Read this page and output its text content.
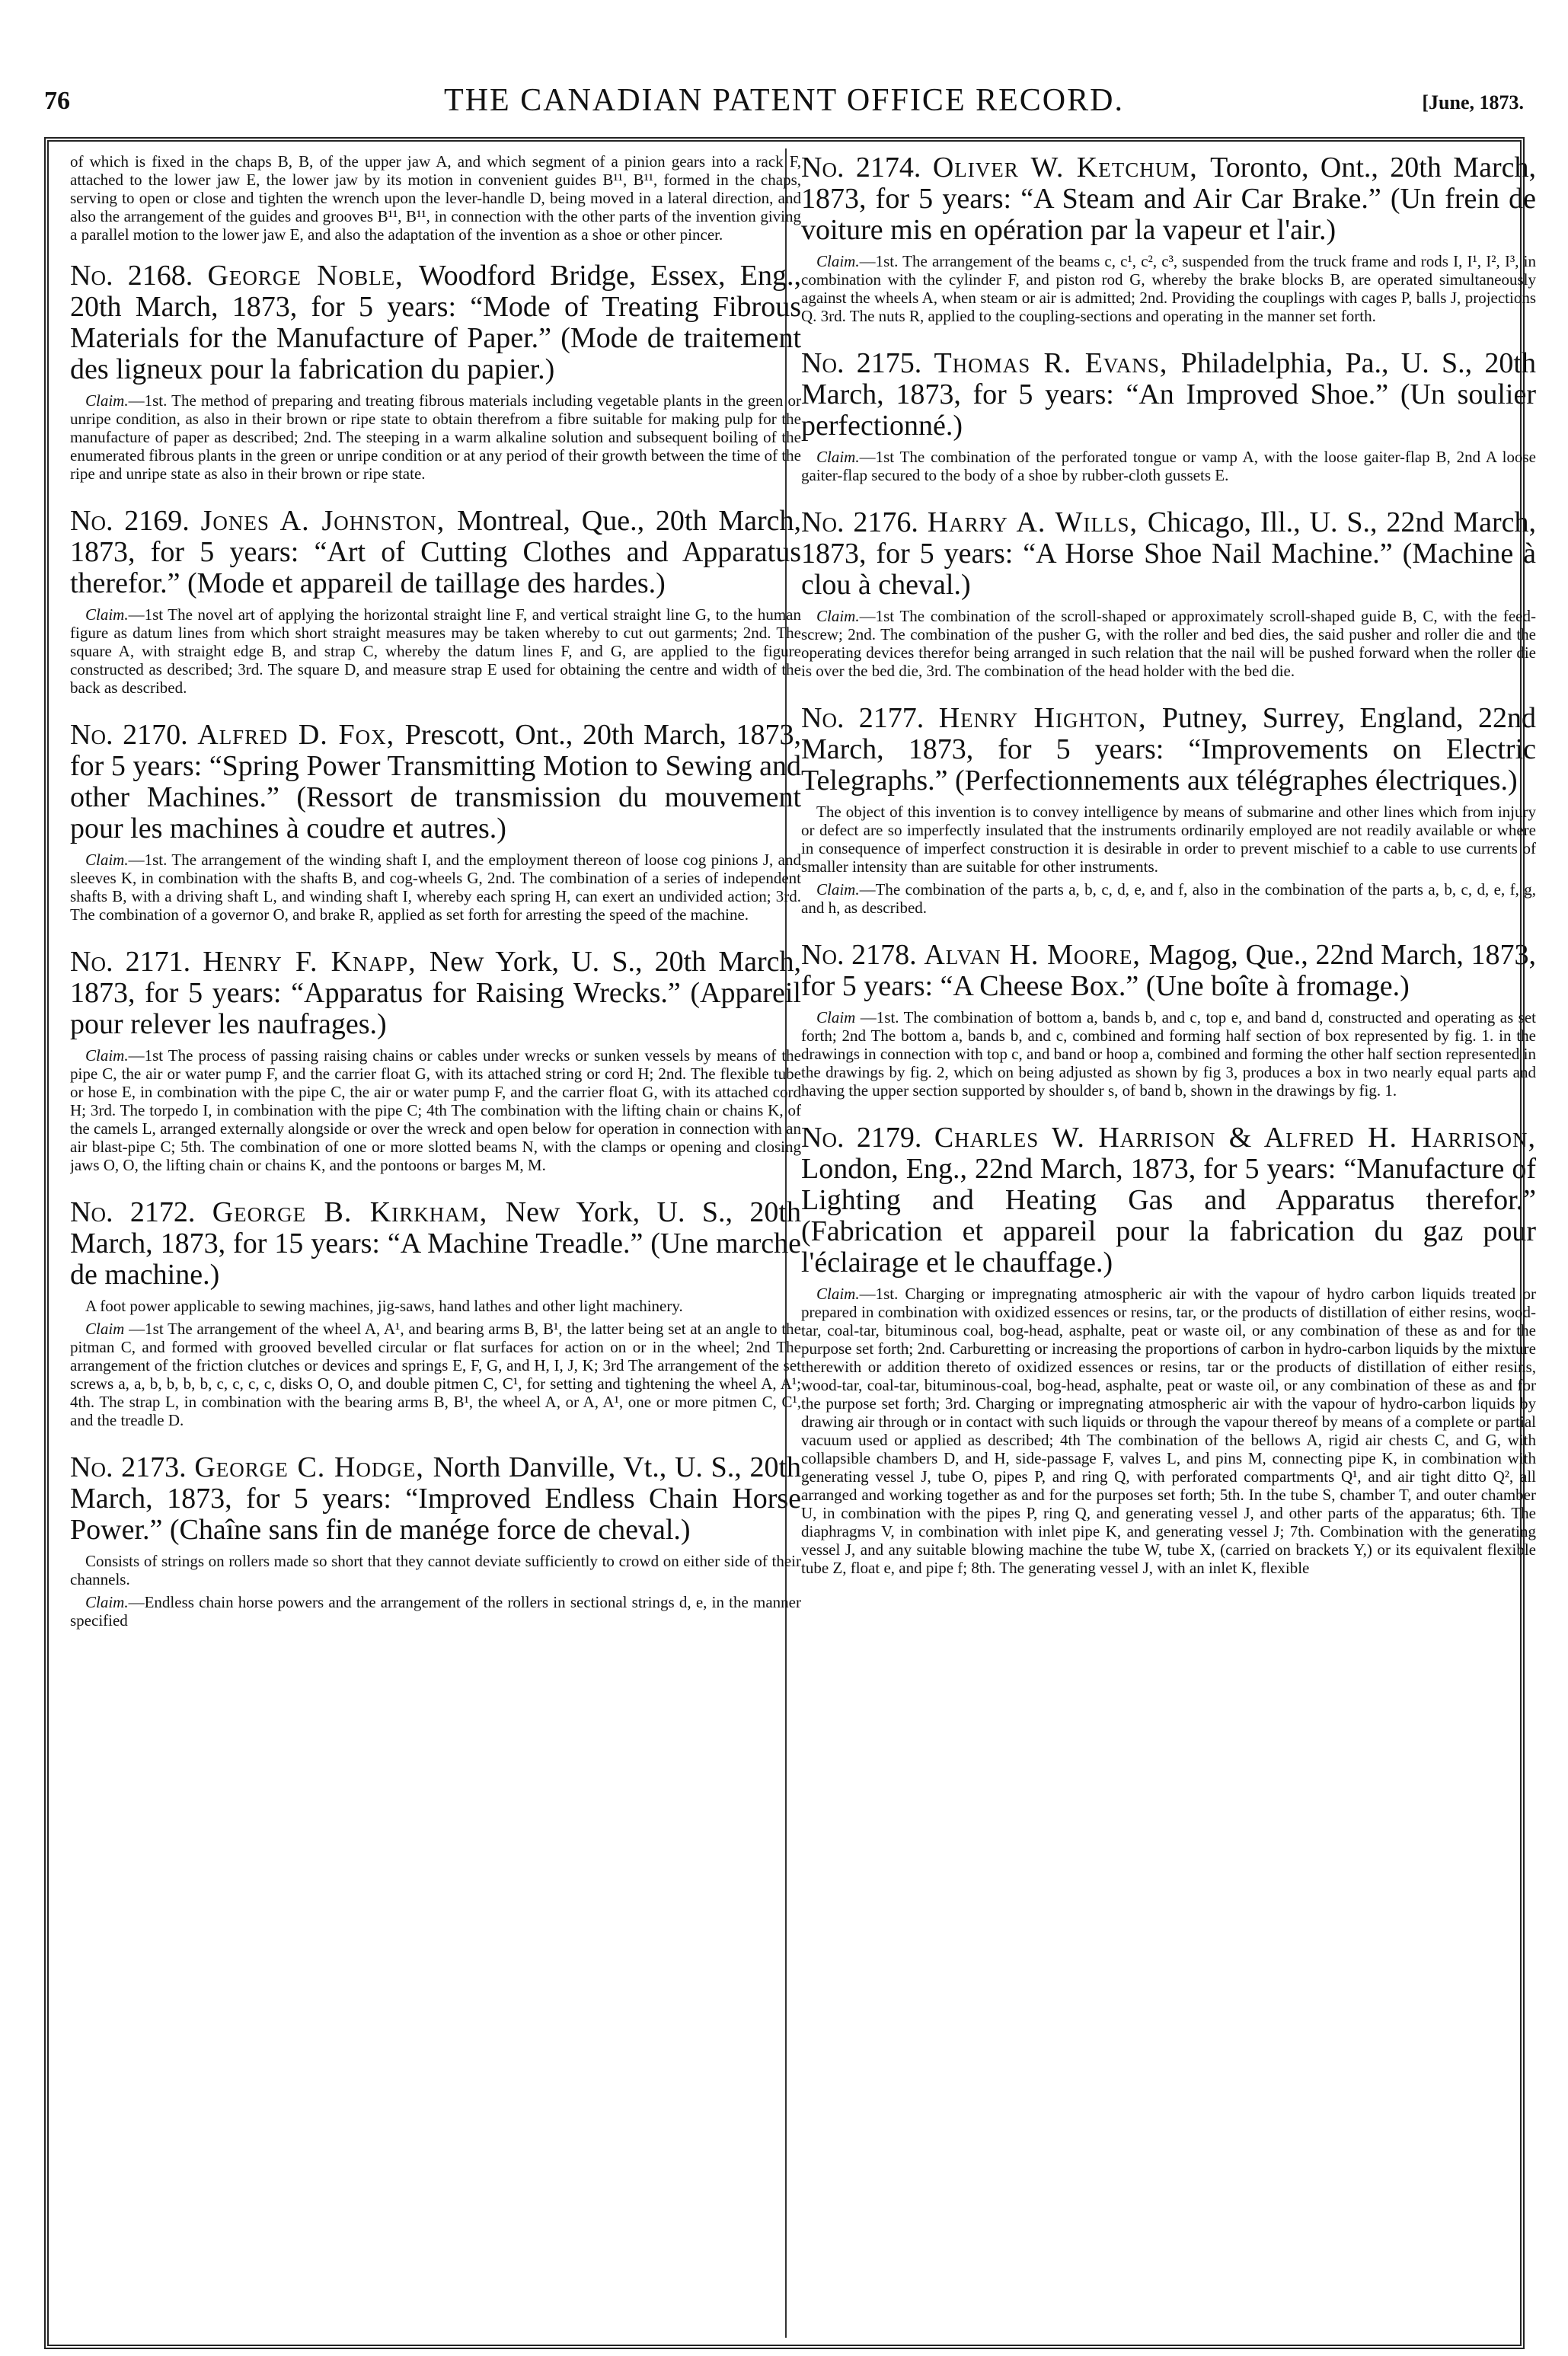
76	THE CANADIAN PATENT OFFICE RECORD.	[June, 1873.

of which is fixed in the chaps B, B, of the upper jaw A, and which segment of a pinion gears into a rack F, attached to the lower jaw E, the lower jaw by its motion in convenient guides B¹¹, B¹¹, formed in the chaps, serving to open or close and tighten the wrench upon the lever-handle D, being moved in a lateral direction, and also the arrangement of the guides and grooves B¹¹, B¹¹, in connection with the other parts of the invention giving a parallel motion to the lower jaw E, and also the adaptation of the invention as a shoe or other pincer.

No. 2168. George Noble, Woodford Bridge, Essex, Eng., 20th March, 1873, for 5 years: “Mode of Treating Fibrous Materials for the Manufacture of Paper.” (Mode de traitement des ligneux pour la fabrication du papier.)

Claim.—1st. The method of preparing and treating fibrous materials including vegetable plants in the green or unripe condition, as also in their brown or ripe state to obtain therefrom a fibre suitable for making pulp for the manufacture of paper as described; 2nd. The steeping in a warm alkaline solution and subsequent boiling of the enumerated fibrous plants in the green or unripe condition or at any period of their growth between the time of the ripe and unripe state as also in their brown or ripe state.

No. 2169. Jones A. Johnston, Montreal, Que., 20th March, 1873, for 5 years: “Art of Cutting Clothes and Apparatus therefor.” (Mode et appareil de taillage des hardes.)

Claim.—1st The novel art of applying the horizontal straight line F, and vertical straight line G, to the human figure as datum lines from which short straight measures may be taken whereby to cut out garments; 2nd. The square A, with straight edge B, and strap C, whereby the datum lines F, and G, are applied to the figure constructed as described; 3rd. The square D, and measure strap E used for obtaining the centre and width of the back as described.

No. 2170. Alfred D. Fox, Prescott, Ont., 20th March, 1873, for 5 years: “Spring Power Transmitting Motion to Sewing and other Machines.” (Ressort de transmission du mouvement pour les machines à coudre et autres.)

Claim.—1st. The arrangement of the winding shaft I, and the employment thereon of loose cog pinions J, and sleeves K, in combination with the shafts B, and cog-wheels G, 2nd. The combination of a series of independent shafts B, with a driving shaft L, and winding shaft I, whereby each spring H, can exert an undivided action; 3rd. The combination of a governor O, and brake R, applied as set forth for arresting the speed of the machine.

No. 2171. Henry F. Knapp, New York, U. S., 20th March, 1873, for 5 years: “Apparatus for Raising Wrecks.” (Appareil pour relever les naufrages.)

Claim.—1st The process of passing raising chains or cables under wrecks or sunken vessels by means of the pipe C, the air or water pump F, and the carrier float G, with its attached string or cord H; 2nd. The flexible tube or hose E, in combination with the pipe C, the air or water pump F, and the carrier float G, with its attached cord H; 3rd. The torpedo I, in combination with the pipe C; 4th The combination with the lifting chain or chains K, of the camels L, arranged externally alongside or over the wreck and open below for operation in connection with an air blast-pipe C; 5th. The combination of one or more slotted beams N, with the clamps or opening and closing jaws O, O, the lifting chain or chains K, and the pontoons or barges M, M.

No. 2172. George B. Kirkham, New York, U. S., 20th March, 1873, for 15 years: “A Machine Treadle.” (Une marche de machine.)

A foot power applicable to sewing machines, jig-saws, hand lathes and other light machinery.

Claim —1st The arrangement of the wheel A, A¹, and bearing arms B, B¹, the latter being set at an angle to the pitman C, and formed with grooved bevelled circular or flat surfaces for action on or in the wheel; 2nd The arrangement of the friction clutches or devices and springs E, F, G, and H, I, J, K; 3rd The arrangement of the set screws a, a, b, b, b, b, c, c, c, c, disks O, O, and double pitmen C, C¹, for setting and tightening the wheel A, A¹; 4th. The strap L, in combination with the bearing arms B, B¹, the wheel A, or A, A¹, one or more pitmen C, C¹, and the treadle D.

No. 2173. George C. Hodge, North Danville, Vt., U. S., 20th March, 1873, for 5 years: “Improved Endless Chain Horse Power.” (Chaîne sans fin de manége force de cheval.)

Consists of strings on rollers made so short that they cannot deviate sufficiently to crowd on either side of their channels.

Claim.—Endless chain horse powers and the arrangement of the rollers in sectional strings d, e, in the manner specified

No. 2174. Oliver W. Ketchum, Toronto, Ont., 20th March, 1873, for 5 years: “A Steam and Air Car Brake.” (Un frein de voiture mis en opération par la vapeur et l'air.)

Claim.—1st. The arrangement of the beams c, c¹, c², c³, suspended from the truck frame and rods I, I¹, I², I³, in combination with the cylinder F, and piston rod G, whereby the brake blocks B, are operated simultaneously against the wheels A, when steam or air is admitted; 2nd. Providing the couplings with cages P, balls J, projections Q. 3rd. The nuts R, applied to the coupling-sections and operating in the manner set forth.

No. 2175. Thomas R. Evans, Philadelphia, Pa., U. S., 20th March, 1873, for 5 years: “An Improved Shoe.” (Un soulier perfectionné.)

Claim.—1st The combination of the perforated tongue or vamp A, with the loose gaiter-flap B, 2nd A loose gaiter-flap secured to the body of a shoe by rubber-cloth gussets E.

No. 2176. Harry A. Wills, Chicago, Ill., U. S., 22nd March, 1873, for 5 years: “A Horse Shoe Nail Machine.” (Machine à clou à cheval.)

Claim.—1st The combination of the scroll-shaped or approximately scroll-shaped guide B, C, with the feed-screw; 2nd. The combination of the pusher G, with the roller and bed dies, the said pusher and roller die and the operating devices therefor being arranged in such relation that the nail will be pushed forward when the roller die is over the bed die, 3rd. The combination of the head holder with the bed die.

No. 2177. Henry Highton, Putney, Surrey, England, 22nd March, 1873, for 5 years: “Improvements on Electric Telegraphs.” (Perfectionnements aux télégraphes électriques.)

The object of this invention is to convey intelligence by means of submarine and other lines which from injury or defect are so imperfectly insulated that the instruments ordinarily employed are not readily available or where in consequence of imperfect construction it is desirable in order to prevent mischief to a cable to use currents of smaller intensity than are suitable for other instruments.

Claim.—The combination of the parts a, b, c, d, e, and f, also in the combination of the parts a, b, c, d, e, f, g, and h, as described.

No. 2178. Alvan H. Moore, Magog, Que., 22nd March, 1873, for 5 years: “A Cheese Box.” (Une boîte à fromage.)

Claim —1st. The combination of bottom a, bands b, and c, top e, and band d, constructed and operating as set forth; 2nd The bottom a, bands b, and c, combined and forming half section of box represented by fig. 1. in the drawings in connection with top c, and band or hoop a, combined and forming the other half section represented in the drawings by fig. 2, which on being adjusted as shown by fig 3, produces a box in two nearly equal parts and having the upper section supported by shoulder s, of band b, shown in the drawings by fig. 1.

No. 2179. Charles W. Harrison & Alfred H. Harrison, London, Eng., 22nd March, 1873, for 5 years: “Manufacture of Lighting and Heating Gas and Apparatus therefor.” (Fabrication et appareil pour la fabrication du gaz pour l'éclairage et le chauffage.)

Claim.—1st. Charging or impregnating atmospheric air with the vapour of hydro carbon liquids treated or prepared in combination with oxidized essences or resins, tar, or the products of distillation of either resins, wood-tar, coal-tar, bituminous coal, bog-head, asphalte, peat or waste oil, or any combination of these as and for the purpose set forth; 2nd. Carburetting or increasing the proportions of carbon in hydro-carbon liquids by the mixture therewith or addition thereto of oxidized essences or resins, tar or the products of distillation of either resins, wood-tar, coal-tar, bituminous-coal, bog-head, asphalte, peat or waste oil, or any combination of these as and for the purpose set forth; 3rd. Charging or impregnating atmospheric air with the vapour of hydro-carbon liquids by drawing air through or in contact with such liquids or through the vapour thereof by means of a complete or partial vacuum used or applied as described; 4th The combination of the bellows A, rigid air chests C, and G, with collapsible chambers D, and H, side-passage F, valves L, and pins M, connecting pipe K, in combination with generating vessel J, tube O, pipes P, and ring Q, with perforated compartments Q¹, and air tight ditto Q², all arranged and working together as and for the purposes set forth; 5th. In the tube S, chamber T, and outer chamber U, in combination with the pipes P, ring Q, and generating vessel J, and other parts of the apparatus; 6th. The diaphragms V, in combination with inlet pipe K, and generating vessel J; 7th. Combination with the generating vessel J, and any suitable blowing machine the tube W, tube X, (carried on brackets Y,) or its equivalent flexible tube Z, float e, and pipe f; 8th. The generating vessel J, with an inlet K, flexible
